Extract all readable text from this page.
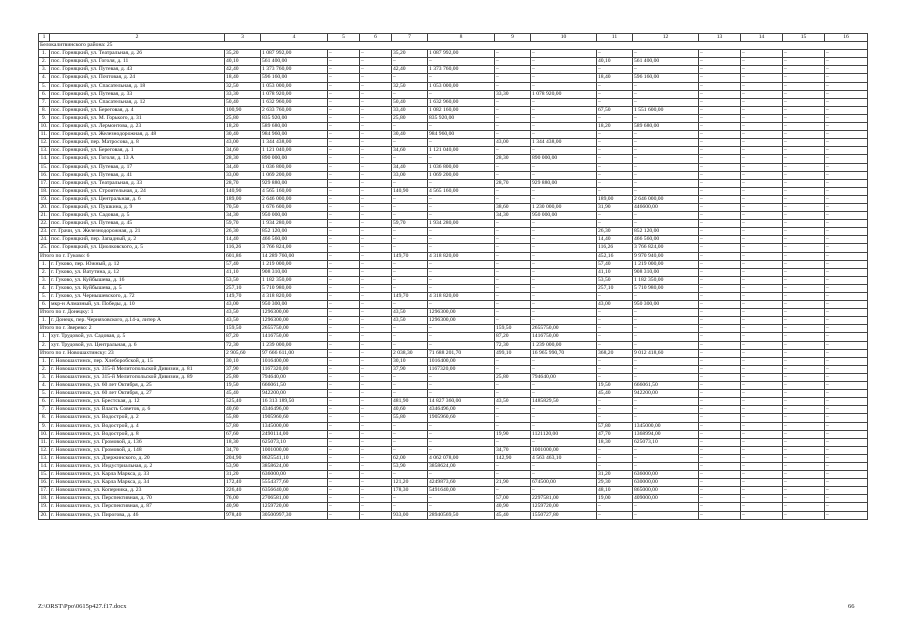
1	2	3	4	5	6	7	8	9	10	11	12	13	14	15	16
Белокалитвинского района: 25															
1.	пос. Горняцкий, ул. Театральная, д. 26	35,20	1 087 992,00	–	–	35,20	1 087 992,00	–	–	–	–	–	–	–	–
2.	пос. Горняцкий, ул. Гоголя, д. 11	40,10	561 400,00	–	–	–	–	–	–	40,10	561 400,00	–	–	–	–
3.	пос. Горняцкий, ул. Путевая, д. 43	42,40	1 373 760,00	–	–	42,40	1 373 760,00	–	–	–	–	–	–	–	–
4.	пос. Горняцкий, ул. Почтовая, д. 24	18,40	596 160,00	–	–	–	–	–	–	18,40	596 160,00	–	–	–	–
5.	пос. Горняцкий, ул. Спасательная, д. 18	32,50	1 053 000,00	–	–	32,50	1 053 000,00	–	–	–	–	–	–	–	–
6.	пос. Горняцкий, ул. Путевая, д. 33	33,30	1 078 920,00	–	–	–	–	33,30	1 078 920,00	–	–	–	–	–	–
7.	пос. Горняцкий, ул. Спасательная, д. 12	50,40	1 632 960,00	–	–	50,40	1 632 960,00	–	–	–	–	–	–	–	–
8.	пос. Горняцкий, ул. Береговая, д. 4	100,90	2 633 760,00	–	–	33,40	1 082 160,00	–	–	67,50	1 551 600,00	–	–	–	–
9.	пос. Горняцкий, ул. М. Горького, д. 31	25,80	835 920,00	–	–	25,80	835 920,00	–	–	–	–	–	–	–	–
10.	пос. Горняцкий, ул. Лермонтова, д. 23	18,20	589 680,00	–	–	–	–	–	–	18,20	589 680,00	–	–	–	–
11.	пос. Горняцкий, ул. Железнодорожная, д. 48	30,40	984 960,00	–	–	30,40	984 960,00	–	–	–	–	–	–	–	–
12.	пос. Горняцкий, пер. Матросова, д. 8	43,00	1 344 438,00	–	–	–	–	43,00	1 344 438,00	–	–	–	–	–	–
13.	пос. Горняцкий, ул. Береговая, д. 1	34,60	1 121 040,00	–	–	34,60	1 121 040,00	–	–	–	–	–	–	–	–
14.	пос. Горняцкий, ул. Гоголя, д. 13 А	28,30	890 000,00	–	–	–	–	28,30	890 000,00	–	–	–	–	–	–
15.	пос. Горняцкий, ул. Путевая, д. 17	34,40	1 036 800,00	–	–	34,40	1 036 800,00	–	–	–	–	–	–	–	–
16.	пос. Горняцкий, ул. Путевая, д. 41	33,00	1 069 200,00	–	–	33,00	1 069 200,00	–	–	–	–	–	–	–	–
17.	пос. Горняцкий, ул. Театральная, д. 33	28,70	929 880,00	–	–	–	–	28,70	929 880,00	–	–	–	–	–	–
18.	пос. Горняцкий, ул. Строительная, д. 24	140,90	4 565 160,00	–	–	140,90	4 565 160,00	–	–	–	–	–	–	–	–
19.	пос. Горняцкий, ул. Центральная, д. 6	189,00	2 646 000,00	–	–	–	–	–	–	189,00	2 646 000,00	–	–	–	–
20.	пос. Горняцкий, ул. Пушкина, д. 9	70,50	1 676 600,00	–	–	–	–	38,60	1 230 000,00	31,90	446600,00	–	–	–	–
21.	пос. Горняцкий, ул. Садовая, д. 5	34,30	950 000,00	–	–	–	–	34,30	950 000,00	–	–	–	–	–	–
22.	пос. Горняцкий, ул. Путевая, д. 45	59,70	1 934 280,00	–	–	59,70	1 934 280,00	–	–	–	–	–	–	–	–
23.	ст. Грачи, ул. Железнодорожная, д. 21	26,30	852 120,00	–	–	–	–	–	–	26,30	852 120,00	–	–	–	–
24.	пос. Горняцкий, пер. Западный, д. 2	14,40	466 560,00	–	–	–	–	–	–	14,40	466 560,00	–	–	–	–
25.	пос. Горняцкий, ул. Циолковского, д. 5	116,26	3 766 824,00	–	–	–	–	–	–	116,26	3 766 824,00	–	–	–	–
Итого по г. Гуково: 6		601,86	14 289 760,00	–	–	149,70	4 318 820,00	–	–	452,16	9 970 940,00	–	–	–	–
1.	г. Гуково, пер. Южный, д. 12	57,40	1 219 000,00	–	–	–	–	–	–	57,40	1 219 000,00	–	–	–	–
2.	г. Гуково, ул. Ватутина, д. 12	41,10	908 310,00	–	–	–	–	–	–	41,10	908 310,00	–	–	–	–
3.	г. Гуково, ул. Куйбышева, д. 16	53,50	1 182 350,00	–	–	–	–	–	–	53,50	1 182 350,00	–	–	–	–
4.	г. Гуково, ул. Куйбышева, д. 5	257,10	5 710 980,00	–	–	–	–	–	–	257,10	5 710 980,00	–	–	–	–
5.	г. Гуково, ул. Чернышевского, д. 72	149,70	4 318 820,00	–	–	149,70	4 318 820,00	–	–	–	–	–	–	–	–
6.	мкр-н Алмазный, ул. Победы, д. 10	43,00	950 300,00	–	–	–	–	–	–	43,00	950 300,00	–	–	–	–
Итого по г. Донецку: 1		43,50	1296300,00	–	–	43,50	1296300,00	–	–	–	–	–	–	–	–
1.	г. Донецк, пер. Черняховского, д.14-а, литер А	43,50	1296300,00	–	–	43,50	1296300,00	–	–	–	–	–	–	–	–
Итого по г. Зверево: 2		159,50	2655750,00	–	–	–	–	159,50	2655750,00	–	–	–	–	–	–
1.	хут. Трудовой, ул. Садовая, д. 5	87,20	1416750,00	–	–	–	–	87,20	1416750,00	–	–	–	–	–	–
2.	хут. Трудовой, ул. Центральная, д. 6	72,30	1 239 000,00	–	–	–	–	72,30	1 239 000,00	–	–	–	–	–	–
Итого по г. Новошахтинску: 23		2 905,60	97 666 611,00	–	–	2 038,30	71 688 201,70	499,10	16 965 990,70	368,20	9 012 418,60	–	–	–	–
1.	г. Новошахтинск, пер. Хлеборобской, д. 15	30,10	1016400,00	–	–	30,10	1016400,00	–	–	–	–	–	–	–	–
2.	г. Новошахтинск, ул. 315-й Мелитопольской Дивизии, д. 81	37,90	1167320,00	–	–	37,90	1167320,00	–	–	–	–	–	–	–	–
3.	г. Новошахтинск, ул. 315-й Мелитопольской Дивизии, д. 89	25,80	794640,00	–	–	–	–	25,80	794640,00	–	–	–	–	–	–
4.	г. Новошахтинск, ул. 60 лет Октября, д. 25	19,50	666061,50	–	–	–	–	–	–	19,50	666061,50	–	–	–	–
5.	г. Новошахтинск, ул. 60 лет Октября, д. 27	45,40	942200,00	–	–	–	–	–	–	45,40	942200,00	–	–	–	–
6.	г. Новошахтинск, ул. Брестская, д. 12	525,40	16 313 189,50	–	–	481,90	14 827 360,00	43,50	1485829,50	–	–	–	–	–	–
7.	г. Новошахтинск, ул. Власть Советов, д. 6	40,60	4346496,00	–	–	40,60	4346496,00	–	–	–	–	–	–	–	–
8.	г. Новошахтинск, ул. Водострой, д. 2	55,80	1905960,60	–	–	55,80	1905960,60	–	–	–	–	–	–	–	–
9.	г. Новошахтинск, ул. Водострой, д. 4	57,80	1345000,00	–	–	–	–	–	–	57,80	1345000,00	–	–	–	–
10.	г. Новошахтинск, ул. Водострой, д. 8	67,60	2490114,00	–	–	–	–	19,90	1121120,00	47,70	1368994,00	–	–	–	–
11.	г. Новошахтинск, ул. Громовой, д. 136	18,30	625073,10	–	–	–	–	–	–	18,30	625073,10	–	–	–	–
12.	г. Новошахтинск, ул. Громовой, д. 148	34,70	1001000,00	–	–	–	–	34,70	1001000,00	–	–	–	–	–	–
13.	г. Новошахтинск, ул. Дзержинского, д. 20	204,90	8625541,10	–	–	62,00	4 062 078,00	142,90	4 563 463,10	–	–	–	–	–	–
14.	г. Новошахтинск, ул. Индустриальная, д. 2	53,90	3858624,00	–	–	53,90	3858624,00	–	–	–	–	–	–	–	–
15.	г. Новошахтинск, ул. Карла Маркса, д. 33	31,20	636000,00	–	–	–	–	–	–	31,20	636000,00	–	–	–	–
16.	г. Новошахтинск, ул. Карла Маркса, д. 34	172,40	5554377,60	–	–	121,20	4249873,60	21,90	674500,00	29,30	630000,00	–	–	–	–
17.	г. Новошахтинск, ул. Коперника, д. 23	226,40	6356640,00	–	–	178,30	5491640,00	–	–	48,10	865000,00	–	–	–	–
18.	г. Новошахтинск, ул. Перспективная, д. 70	76,00	2706581,00	–	–	–	–	57,00	2297581,00	19,00	409000,00	–	–	–	–
19.	г. Новошахтинск, ул. Перспективная, д. 87	40,90	1259720,00	–	–	–	–	40,90	1259720,00	–	–	–	–	–	–
20.	г. Новошахтинск, ул. Пирогова, д. 46	978,40	30500997,30	–	–	933,00	28940569,50	45,40	1550727,80	–	–	–	–	–	–
Z:\ORST\Ppo\0615p427.f17.docx	66
